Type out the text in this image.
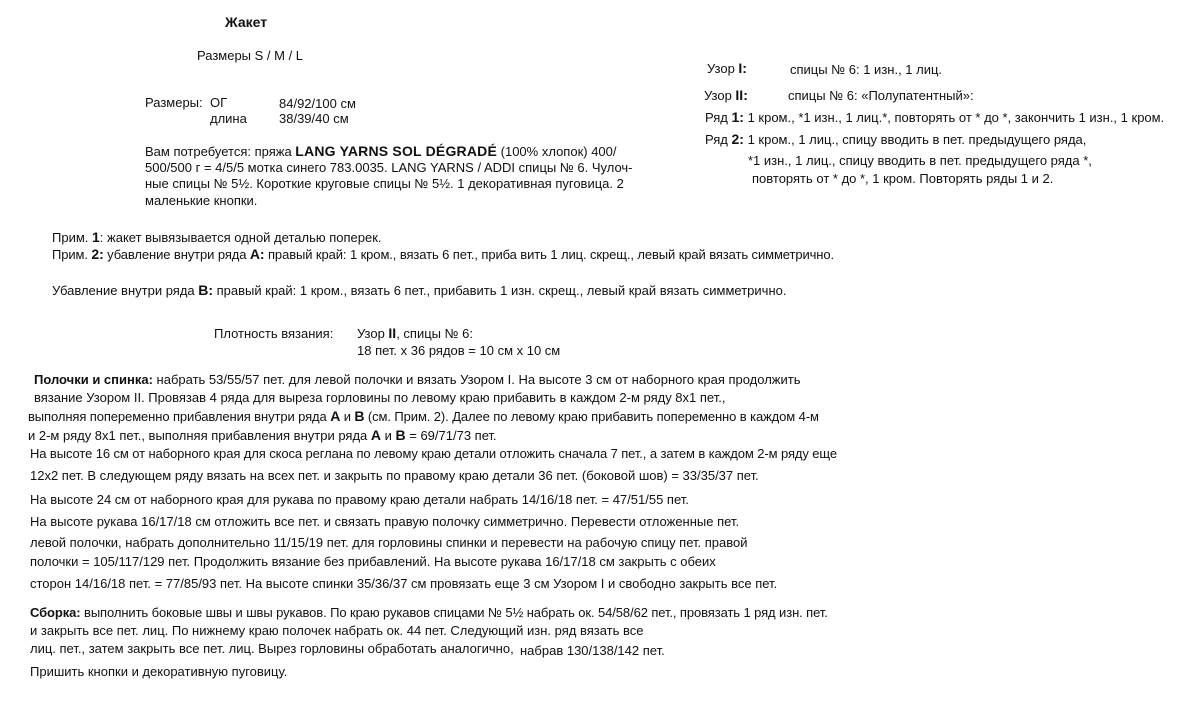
Жакет
Размеры S / M / L
Узор I:	спицы № 6: 1 изн., 1 лиц.
Узор II:	спицы № 6: «Полупатентный»:
Ряд 1: 1 кром., *1 изн., 1 лиц.*, повторять от * до *, закончить 1 изн., 1 кром.
Ряд 2: 1 кром., 1 лиц., спицу вводить в пет. предыдущего ряда,
*1 изн., 1 лиц., спицу вводить в пет. предыдущего ряда *,
повторять от * до *, 1 кром. Повторять ряды 1 и 2.
Размеры: ОГ	84/92/100 см
длина 38/39/40 см
Вам потребуется: пряжа LANG YARNS SOL DÉGRADÉ (100% хлопок) 400/
500/500 г = 4/5/5 мотка синего 783.0035. LANG YARNS / ADDI спицы № 6. Чулоч-
ные спицы № 5½. Короткие круговые спицы № 5½. 1 декоративная пуговица. 2
маленькие кнопки.
Прим. 1: жакет вывязывается одной деталью поперек.
Прим. 2: убавление внутри ряда А: правый край: 1 кром., вязать 6 пет., приба вить 1 лиц. скрещ., левый край вязать симметрично.
Убавление внутри ряда В: правый край: 1 кром., вязать 6 пет., прибавить 1 изн. скрещ., левый край вязать симметрично.
Плотность вязания: Узор II, спицы № 6:
18 пет. х 36 рядов = 10 см х 10 см
Полочки и спинка: набрать 53/55/57 пет. для левой полочки и вязать Узором I. На высоте 3 см от наборного края продолжить
вязание Узором II. Провязав 4 ряда для выреза горловины по левому краю прибавить в каждом 2-м ряду 8х1 пет.,
выполняя попеременно прибавления внутри ряда А и В (см. Прим. 2). Далее по левому краю прибавить попеременно в каждом 4-м
и 2-м ряду 8х1 пет., выполняя прибавления внутри ряда А и В = 69/71/73 пет.
На высоте 16 см от наборного края для скоса реглана по левому краю детали отложить сначала 7 пет., а затем в каждом 2-м ряду еще
12х2 пет. В следующем ряду вязать на всех пет. и закрыть по правому краю детали 36 пет. (боковой шов) = 33/35/37 пет.
На высоте 24 см от наборного края для рукава по правому краю детали набрать 14/16/18 пет. = 47/51/55 пет.
На высоте рукава 16/17/18 см отложить все пет. и связать правую полочку симметрично. Перевести отложенные пет.
левой полочки, набрать дополнительно 11/15/19 пет. для горловины спинки и перевести на рабочую спицу пет. правой
полочки = 105/117/129 пет. Продолжить вязание без прибавлений. На высоте рукава 16/17/18 см закрыть с обеих
сторон 14/16/18 пет. = 77/85/93 пет. На высоте спинки 35/36/37 см провязать еще 3 см Узором I и свободно закрыть все пет.
Сборка: выполнить боковые швы и швы рукавов. По краю рукавов спицами № 5½ набрать ок. 54/58/62 пет., провязать 1 ряд изн. пет.
и закрыть все пет. лиц. По нижнему краю полочек набрать ок. 44 пет. Следующий изн. ряд вязать все
лиц. пет., затем закрыть все пет. лиц. Вырез горловины обработать аналогично, набрав 130/138/142 пет.
Пришить кнопки и декоративную пуговицу.
